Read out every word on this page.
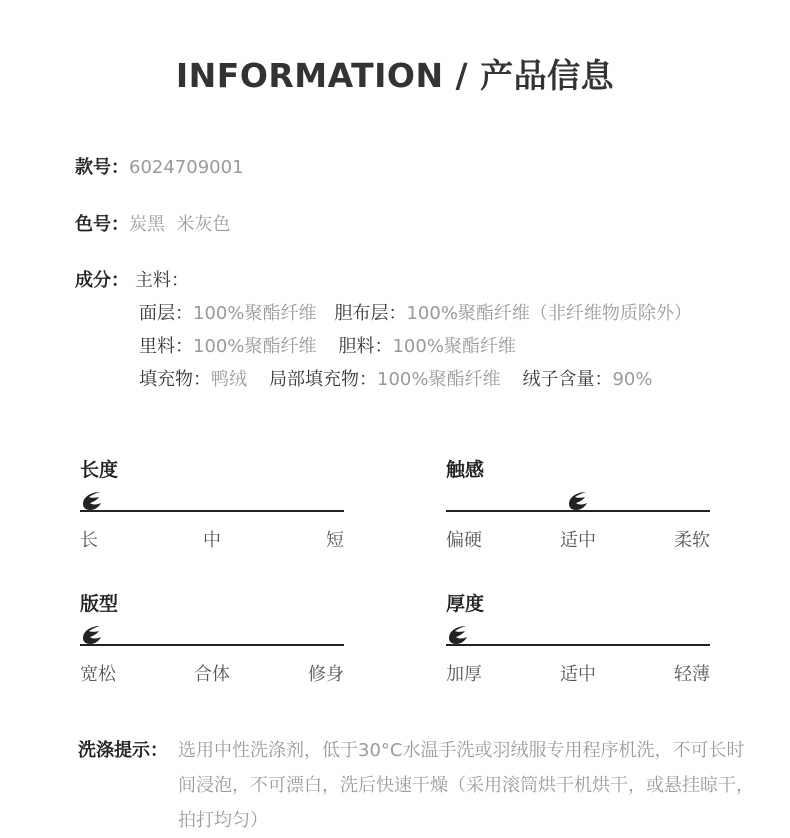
INFORMATION / 产品信息
款号：6024709001
色号：炭黑  米灰色
成分： 主料：
面层：100%聚酯纤维 胆布层：100%聚酯纤维（非纤维物质除外）
里料：100%聚酯纤维 胆料：100%聚酯纤维
填充物：鸭绒 局部填充物：100%聚酯纤维 绒子含量：90%
长度
长	中	短
触感
偏硬	适中	柔软
版型
宽松	合体	修身
厚度
加厚	适中	轻薄
洗涤提示： 选用中性洗涤剂，低于30°C水温手洗或羽绒服专用程序机洗，不可长时间浸泡，不可漂白，洗后快速干燥（采用滚筒烘干机烘干，或悬挂晾干，拍打均匀）
